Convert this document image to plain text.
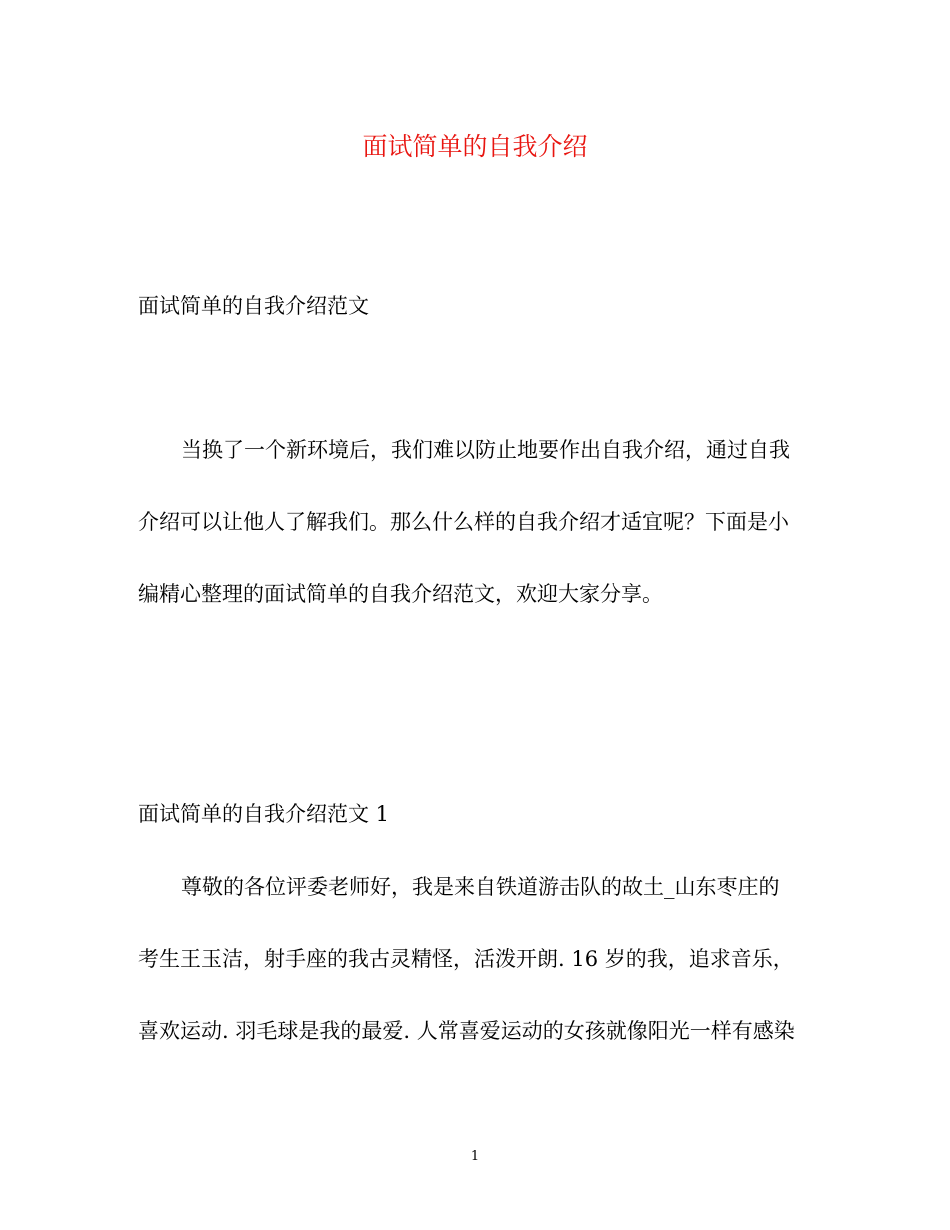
面试简单的自我介绍
面试简单的自我介绍范文
当换了一个新环境后，我们难以防止地要作出自我介绍，通过自我
介绍可以让他人了解我们。那么什么样的自我介绍才适宜呢？下面是小
编精心整理的面试简单的自我介绍范文，欢迎大家分享。
面试简单的自我介绍范文 1
尊敬的各位评委老师好，我是来自铁道游击队的故土_山东枣庄的
考生王玉洁，射手座的我古灵精怪，活泼开朗. 16 岁的我，追求音乐，
喜欢运动. 羽毛球是我的最爱. 人常喜爱运动的女孩就像阳光一样有感染
1
